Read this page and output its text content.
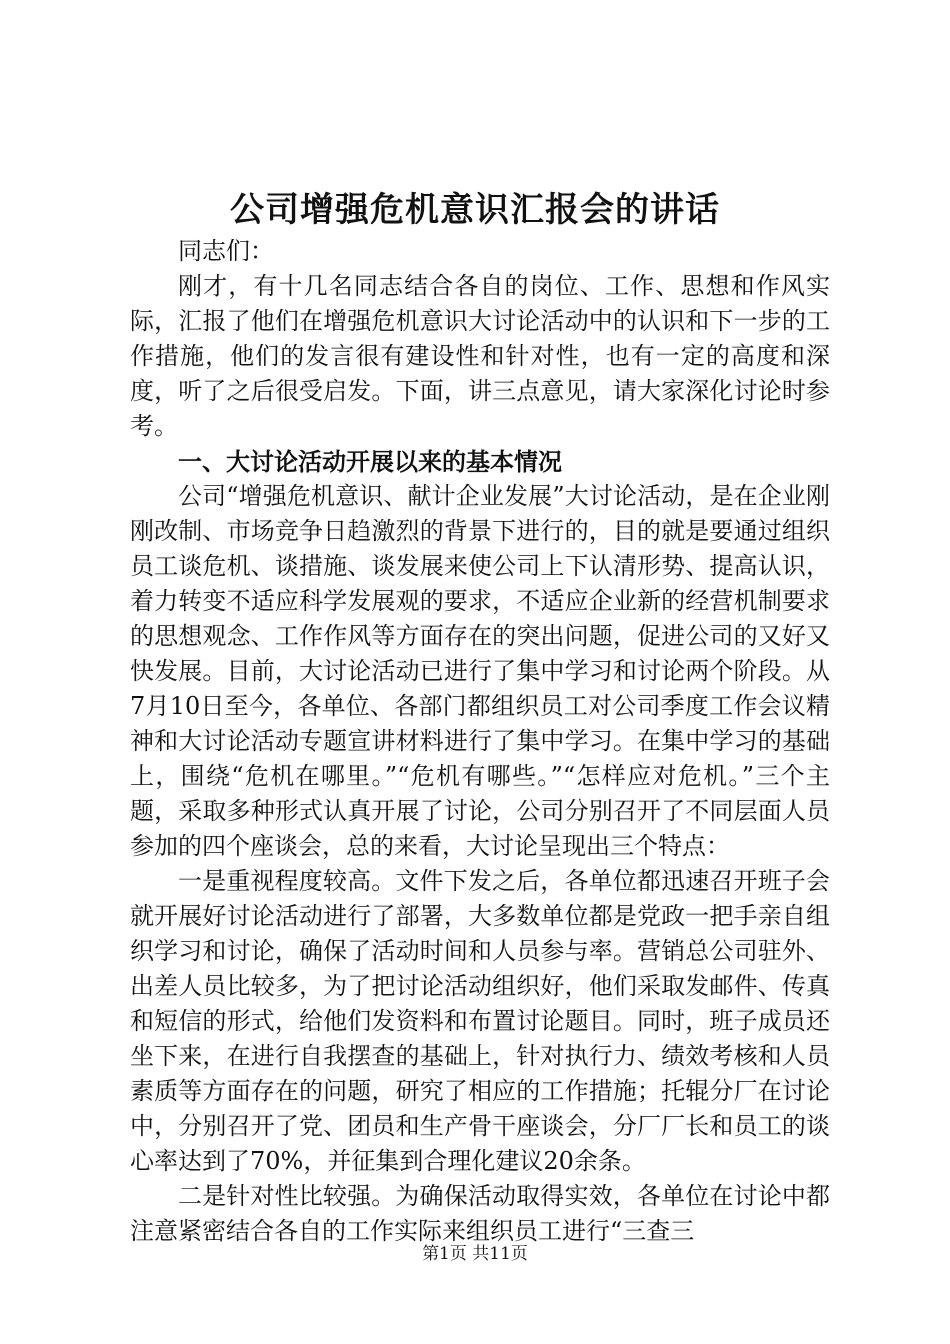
公司增强危机意识汇报会的讲话

同志们：

刚才，有十几名同志结合各自的岗位、工作、思想和作风实际，汇报了他们在增强危机意识大讨论活动中的认识和下一步的工作措施，他们的发言很有建设性和针对性，也有一定的高度和深度，听了之后很受启发。下面，讲三点意见，请大家深化讨论时参考。

一、大讨论活动开展以来的基本情况

公司“增强危机意识、献计企业发展”大讨论活动，是在企业刚刚改制、市场竞争日趋激烈的背景下进行的，目的就是要通过组织员工谈危机、谈措施、谈发展来使公司上下认清形势、提高认识，着力转变不适应科学发展观的要求，不适应企业新的经营机制要求的思想观念、工作作风等方面存在的突出问题，促进公司的又好又快发展。目前，大讨论活动已进行了集中学习和讨论两个阶段。从7月10日至今，各单位、各部门都组织员工对公司季度工作会议精神和大讨论活动专题宣讲材料进行了集中学习。在集中学习的基础上，围绕“危机在哪里。”“危机有哪些。”“怎样应对危机。”三个主题，采取多种形式认真开展了讨论，公司分别召开了不同层面人员参加的四个座谈会，总的来看，大讨论呈现出三个特点：

一是重视程度较高。文件下发之后，各单位都迅速召开班子会就开展好讨论活动进行了部署，大多数单位都是党政一把手亲自组织学习和讨论，确保了活动时间和人员参与率。营销总公司驻外、出差人员比较多，为了把讨论活动组织好，他们采取发邮件、传真和短信的形式，给他们发资料和布置讨论题目。同时，班子成员还坐下来，在进行自我摆查的基础上，针对执行力、绩效考核和人员素质等方面存在的问题，研究了相应的工作措施；托辊分厂在讨论中，分别召开了党、团员和生产骨干座谈会，分厂厂长和员工的谈心率达到了70%，并征集到合理化建议20余条。

二是针对性比较强。为确保活动取得实效，各单位在讨论中都注意紧密结合各自的工作实际来组织员工进行“三查三

第1页 共11页
